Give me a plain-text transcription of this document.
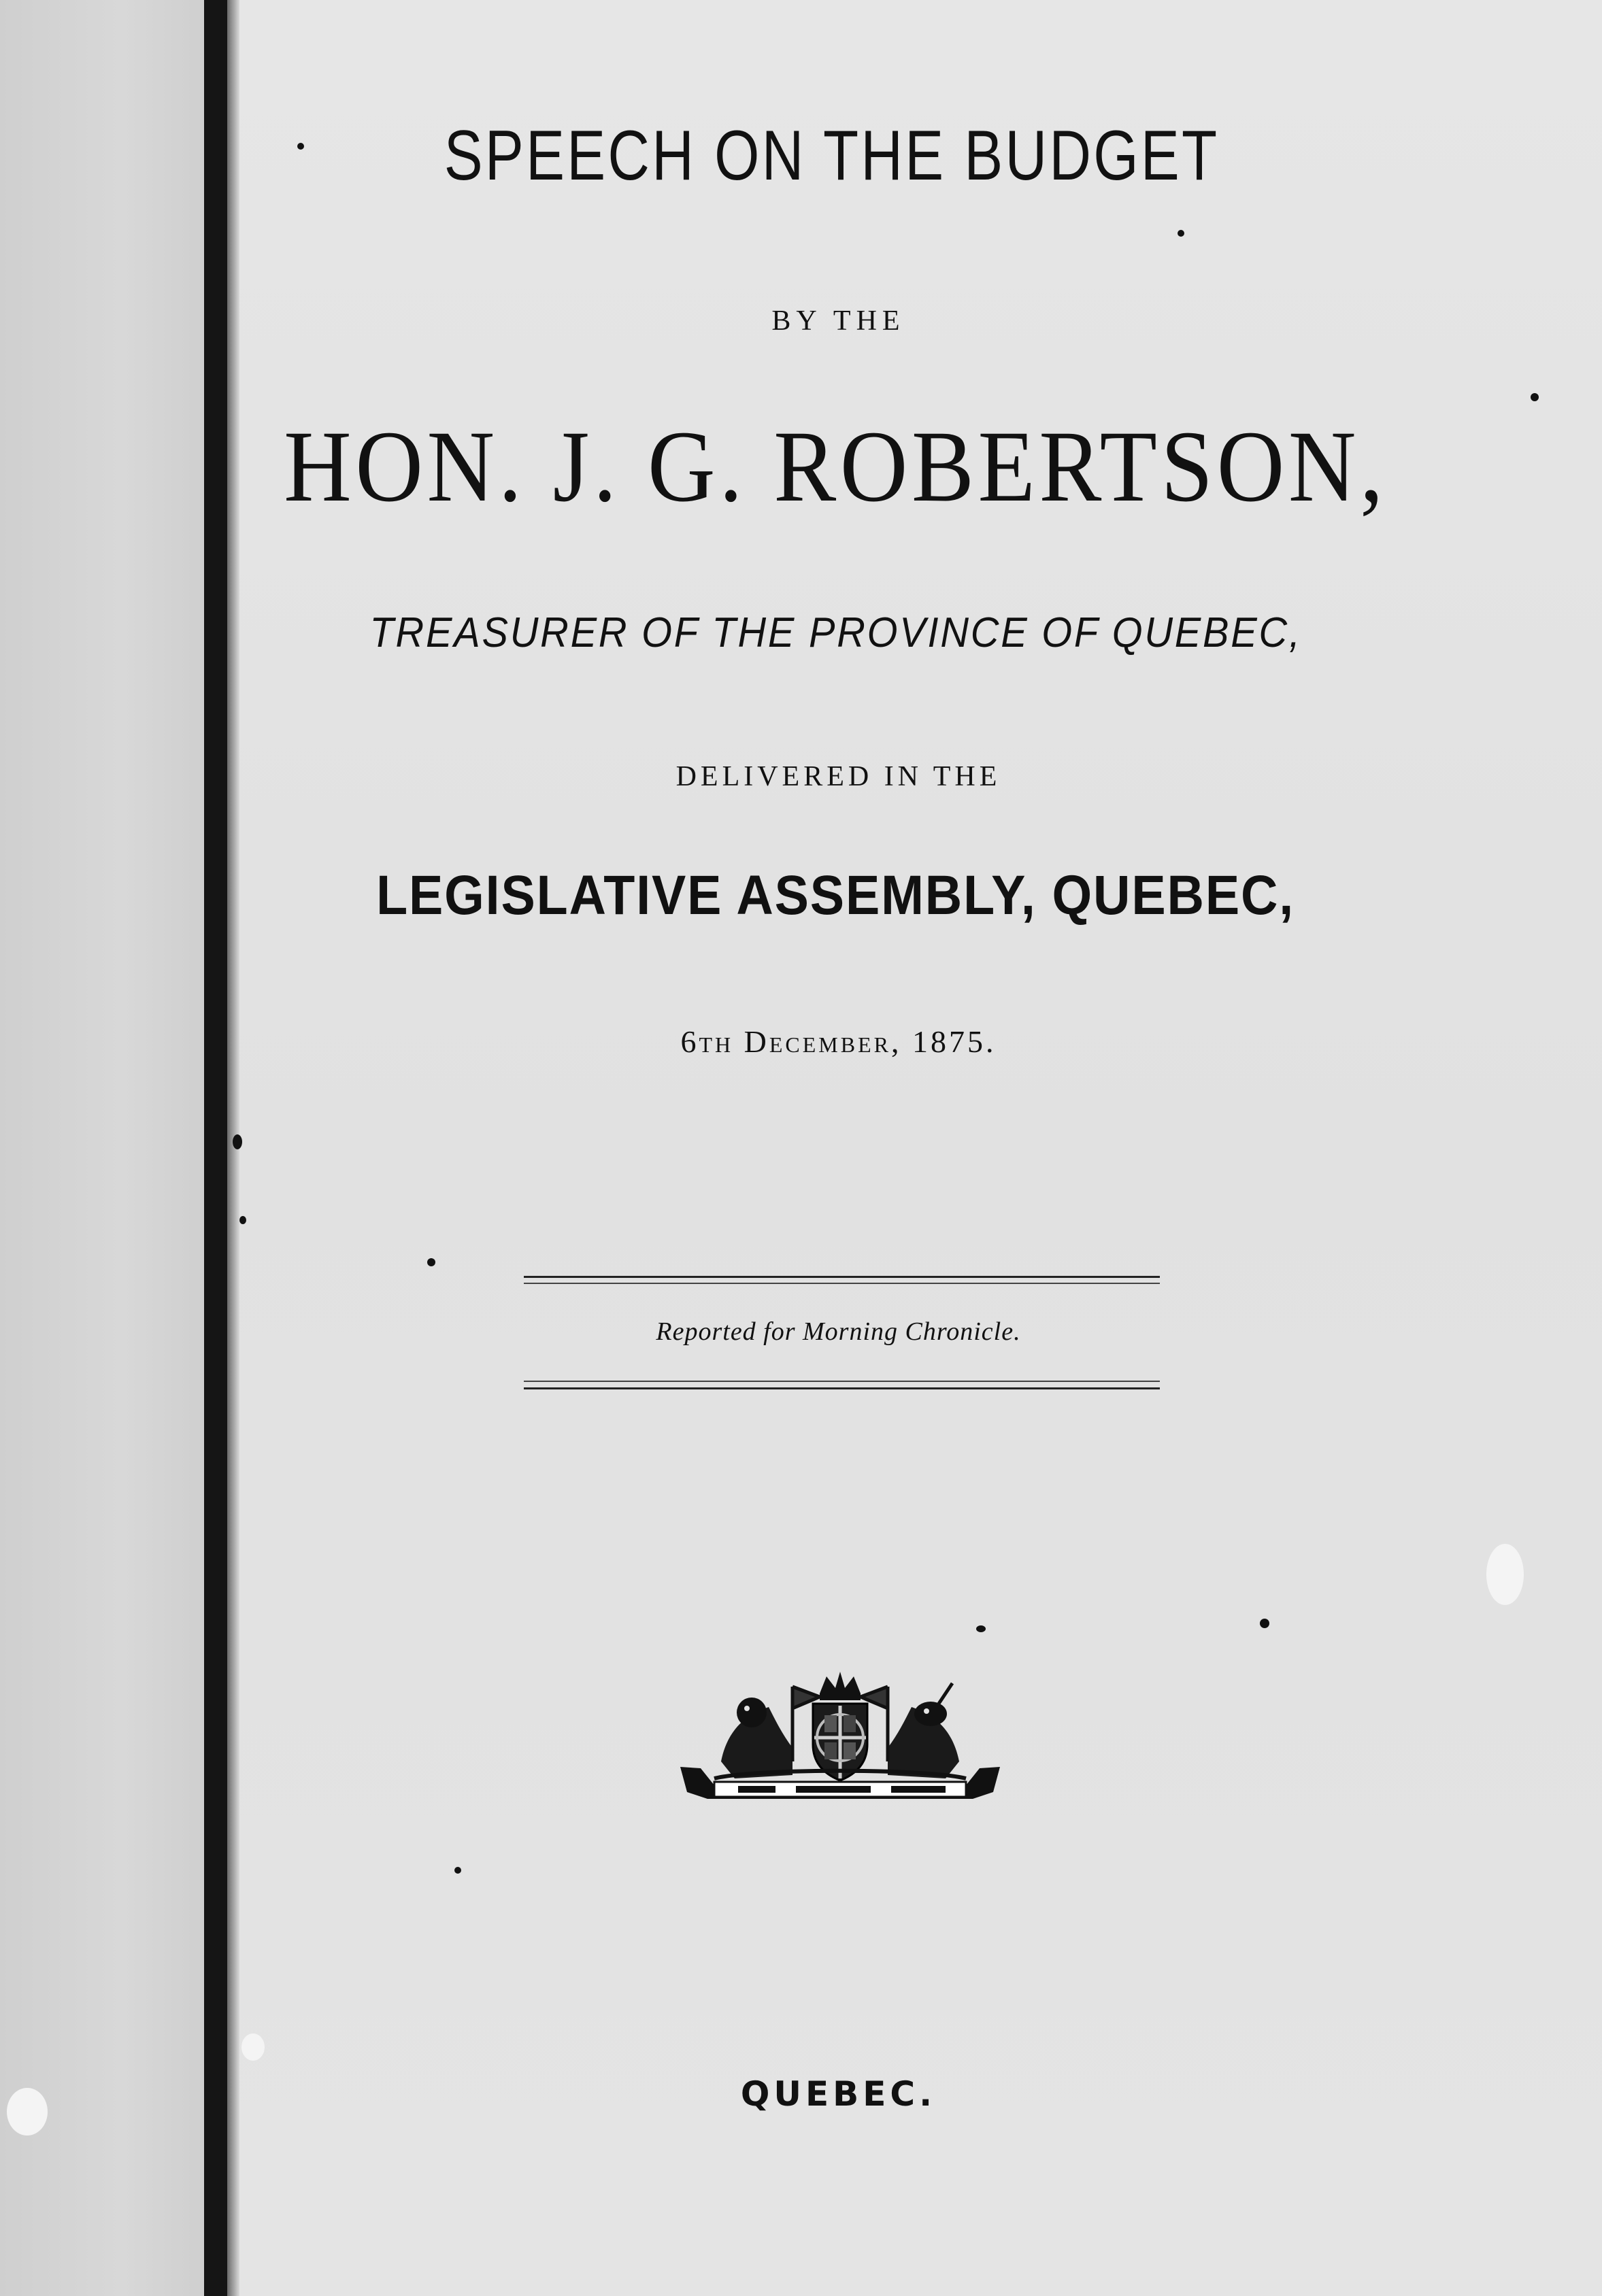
SPEECH ON THE BUDGET
BY THE
HON. J. G. ROBERTSON,
TREASURER OF THE PROVINCE OF QUEBEC,
DELIVERED IN THE
LEGISLATIVE ASSEMBLY, QUEBEC,
6th December, 1875.
Reported for Morning Chronicle.
QUEBEC.
